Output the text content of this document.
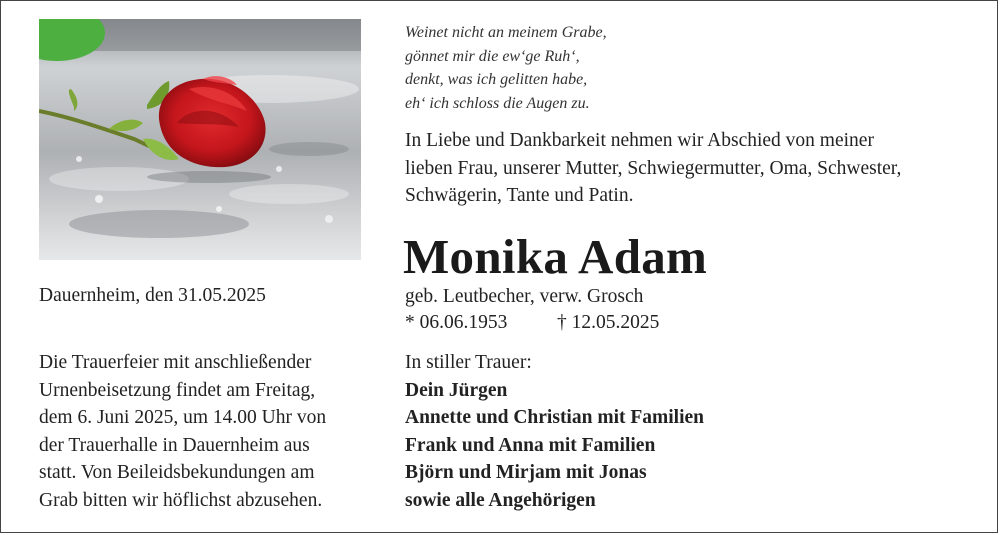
Weinet nicht an meinem Grabe,
gönnet mir die ew‘ge Ruh‘,
denkt, was ich gelitten habe,
eh‘ ich schloss die Augen zu.
In Liebe und Dankbarkeit nehmen wir Abschied von meiner
lieben Frau, unserer Mutter, Schwiegermutter, Oma, Schwester,
Schwägerin, Tante und Patin.
Monika Adam
geb. Leutbecher, verw. Grosch
* 06.06.1953	† 12.05.2025
Dauernheim, den 31.05.2025
Die Trauerfeier mit anschließender
Urnenbeisetzung findet am Freitag,
dem 6. Juni 2025, um 14.00 Uhr von
der Trauerhalle in Dauernheim aus
statt. Von Beileidsbekundungen am
Grab bitten wir höflichst abzusehen.
In stiller Trauer:
Dein Jürgen
Annette und Christian mit Familien
Frank und Anna mit Familien
Björn und Mirjam mit Jonas
sowie alle Angehörigen
